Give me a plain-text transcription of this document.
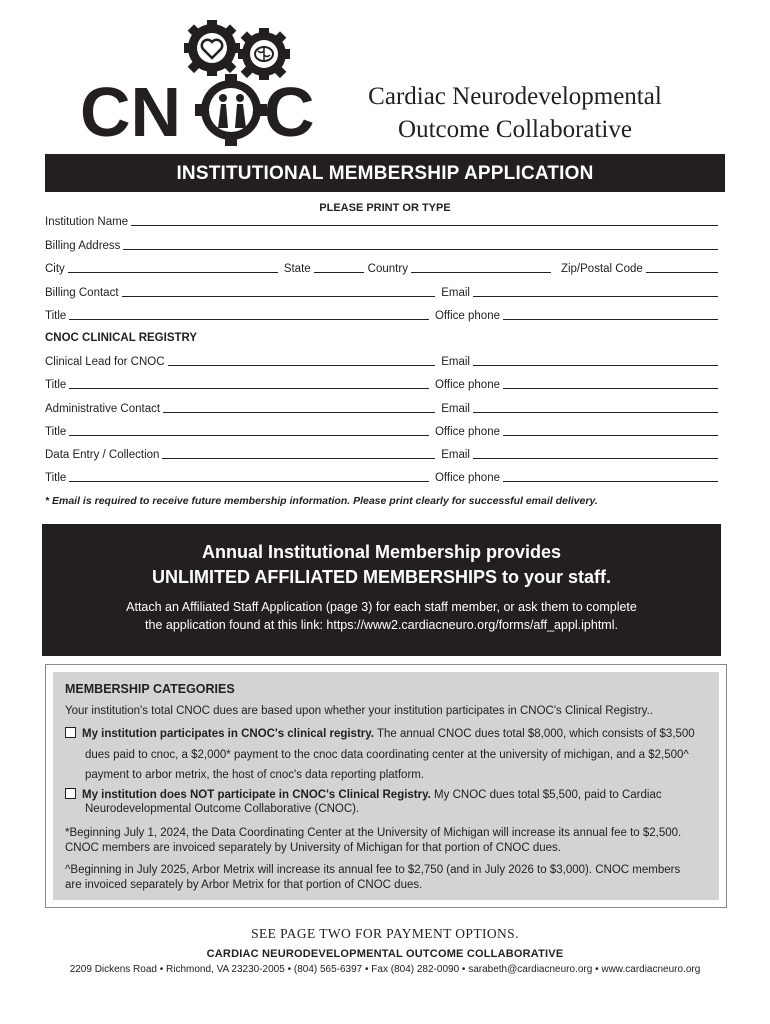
CN C	Cardiac Neurodevelopmental
Outcome Collaborative
INSTITUTIONAL MEMBERSHIP APPLICATION
PLEASE PRINT OR TYPE
Institution Name
Billing Address
City	State	Country	Zip/Postal Code
Billing Contact	Email
Title	Office phone
CNOC CLINICAL REGISTRY
Clinical Lead for CNOC	Email
Title	Office phone
Administrative Contact	Email
Title	Office phone
Data Entry / Collection	Email
Title	Office phone
* Email is required to receive future membership information. Please print clearly for successful email delivery.
Annual Institutional Membership provides
UNLIMITED AFFILIATED MEMBERSHIPS to your staff.
Attach an Affiliated Staff Application (page 3) for each staff member, or ask them to complete
the application found at this link: https://www2.cardiacneuro.org/forms/aff_appl.iphtml.
MEMBERSHIP CATEGORIES
Your institution's total CNOC dues are based upon whether your institution participates in CNOC's Clinical Registry..
My institution participates in CNOC's clinical registry. The annual CNOC dues total $8,000, which consists of $3,500
dues paid to cnoc, a $2,000* payment to the cnoc data coordinating center at the university of michigan, and a $2,500^
payment to arbor metrix, the host of cnoc's data reporting platform.
My institution does NOT participate in CNOC's Clinical Registry. My CNOC dues total $5,500, paid to Cardiac
Neurodevelopmental Outcome Collaborative (CNOC).
*Beginning July 1, 2024, the Data Coordinating Center at the University of Michigan will increase its annual fee to $2,500.
CNOC members are invoiced separately by University of Michigan for that portion of CNOC dues.
^Beginning in July 2025, Arbor Metrix will increase its annual fee to $2,750 (and in July 2026 to $3,000). CNOC members
are invoiced separately by Arbor Metrix for that portion of CNOC dues.
SEE PAGE TWO FOR PAYMENT OPTIONS.
CARDIAC NEURODEVELOPMENTAL OUTCOME COLLABORATIVE
2209 Dickens Road • Richmond, VA 23230-2005 • (804) 565-6397 • Fax (804) 282-0090 • sarabeth@cardiacneuro.org • www.cardiacneuro.org
